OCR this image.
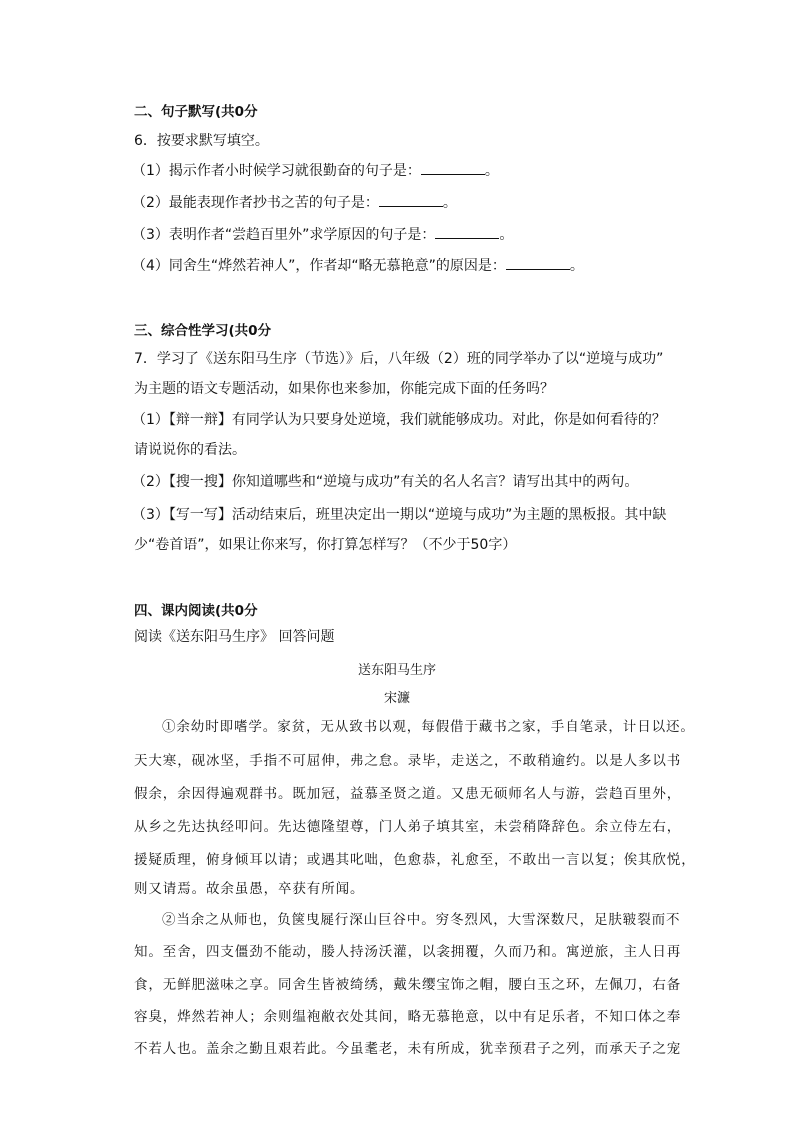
二、句子默写(共0分
6．按要求默写填空。
（1）揭示作者小时候学习就很勤奋的句子是：	。
（2）最能表现作者抄书之苦的句子是：	。
（3）表明作者“尝趋百里外”求学原因的句子是：	。
（4）同舍生“烨然若神人”，作者却“略无慕艳意”的原因是：	。
三、综合性学习(共0分
7．学习了《送东阳马生序（节选）》后，八年级（2）班的同学举办了以“逆境与成功”
为主题的语文专题活动，如果你也来参加，你能完成下面的任务吗？
（1）【辩一辩】有同学认为只要身处逆境，我们就能够成功。对此，你是如何看待的？
请说说你的看法。
（2）【搜一搜】你知道哪些和“逆境与成功”有关的名人名言？请写出其中的两句。
（3）【写一写】活动结束后，班里决定出一期以“逆境与成功”为主题的黑板报。其中缺
少“卷首语”，如果让你来写，你打算怎样写？（不少于50字）
四、课内阅读(共0分
阅读《送东阳马生序》 回答问题
送东阳马生序
宋濂
①余幼时即嗜学。家贫，无从致书以观，每假借于藏书之家，手自笔录，计日以还。
天大寒，砚冰坚，手指不可屈伸，弗之怠。录毕，走送之，不敢稍逾约。以是人多以书
假余，余因得遍观群书。既加冠，益慕圣贤之道。又患无硕师名人与游，尝趋百里外，
从乡之先达执经叩问。先达德隆望尊，门人弟子填其室，未尝稍降辞色。余立侍左右，
援疑质理，俯身倾耳以请；或遇其叱咄，色愈恭，礼愈至，不敢出一言以复；俟其欣悦，
则又请焉。故余虽愚，卒获有所闻。
②当余之从师也，负箧曳屣行深山巨谷中。穷冬烈风，大雪深数尺，足肤皲裂而不
知。至舍，四支僵劲不能动，媵人持汤沃灌，以衾拥覆，久而乃和。寓逆旅，主人日再
食，无鲜肥滋味之享。同舍生皆被绮绣，戴朱缨宝饰之帽，腰白玉之环，左佩刀，右备
容臭，烨然若神人；余则缊袍敝衣处其间，略无慕艳意，以中有足乐者，不知口体之奉
不若人也。盖余之勤且艰若此。今虽耄老，未有所成，犹幸预君子之列，而承天子之宠
